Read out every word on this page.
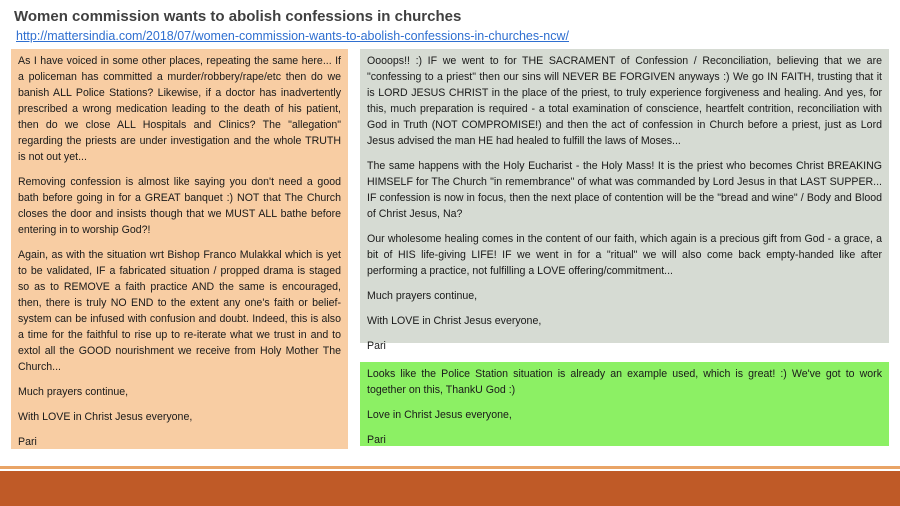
Women commission wants to abolish confessions in churches
http://mattersindia.com/2018/07/women-commission-wants-to-abolish-confessions-in-churches-ncw/

As I have voiced in some other places, repeating the same here... If a policeman has committed a murder/robbery/rape/etc then do we banish ALL Police Stations? Likewise, if a doctor has inadvertently prescribed a wrong medication leading to the death of his patient, then do we close ALL Hospitals and Clinics? The "allegation" regarding the priests are under investigation and the whole TRUTH is not out yet...

Removing confession is almost like saying you don't need a good bath before going in for a GREAT banquet :) NOT that The Church closes the door and insists though that we MUST ALL bathe before entering in to worship God?!

Again, as with the situation wrt Bishop Franco Mulakkal which is yet to be validated, IF a fabricated situation / propped drama is staged so as to REMOVE a faith practice AND the same is encouraged, then, there is truly NO END to the extent any one's faith or belief-system can be infused with confusion and doubt. Indeed, this is also a time for the faithful to rise up to re-iterate what we trust in and to extol all the GOOD nourishment we receive from Holy Mother The Church...

Much prayers continue,

With LOVE in Christ Jesus everyone,

Pari

Oooops!! :) IF we went to for THE SACRAMENT of Confession / Reconciliation, believing that we are "confessing to a priest" then our sins will NEVER BE FORGIVEN anyways :) We go IN FAITH, trusting that it is LORD JESUS CHRIST in the place of the priest, to truly experience forgiveness and healing. And yes, for this, much preparation is required - a total examination of conscience, heartfelt contrition, reconciliation with God in Truth (NOT COMPROMISE!) and then the act of confession in Church before a priest, just as Lord Jesus advised the man HE had healed to fulfill the laws of Moses...

The same happens with the Holy Eucharist - the Holy Mass! It is the priest who becomes Christ BREAKING HIMSELF for The Church "in remembrance" of what was commanded by Lord Jesus in that LAST SUPPER... IF confession is now in focus, then the next place of contention will be the "bread and wine" / Body and Blood of Christ Jesus, Na?

Our wholesome healing comes in the content of our faith, which again is a precious gift from God - a grace, a bit of HIS life-giving LIFE! IF we went in for a "ritual" we will also come back empty-handed like after performing a practice, not fulfilling a LOVE offering/commitment...

Much prayers continue,

With LOVE in Christ Jesus everyone,

Pari

Looks like the Police Station situation is already an example used, which is great! :) We've got to work together on this, ThankU God :)

Love in Christ Jesus everyone,

Pari
